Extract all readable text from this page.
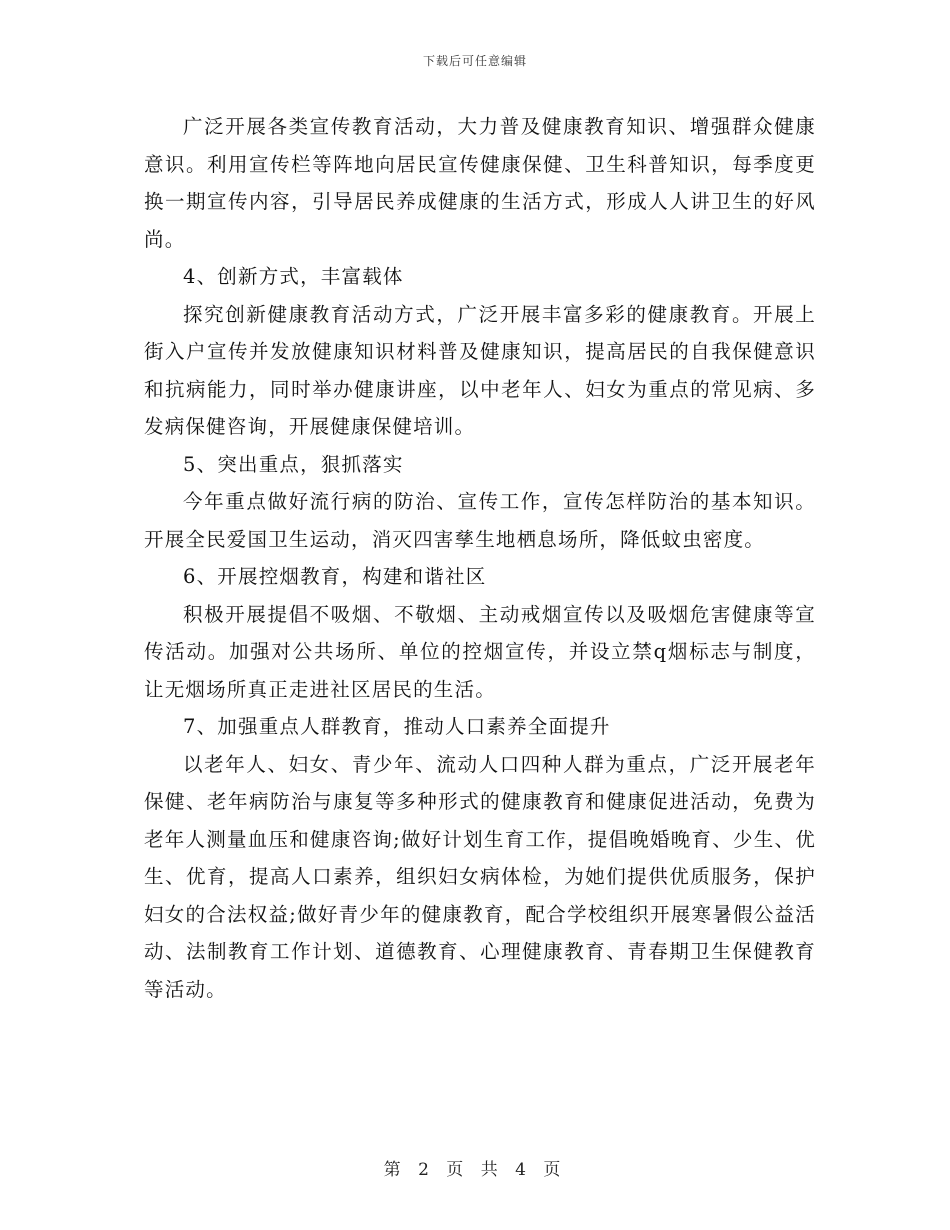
下载后可任意编辑

广泛开展各类宣传教育活动，大力普及健康教育知识、增强群众健康意识。利用宣传栏等阵地向居民宣传健康保健、卫生科普知识，每季度更换一期宣传内容，引导居民养成健康的生活方式，形成人人讲卫生的好风尚。

4、创新方式，丰富载体

探究创新健康教育活动方式，广泛开展丰富多彩的健康教育。开展上街入户宣传并发放健康知识材料普及健康知识，提高居民的自我保健意识和抗病能力，同时举办健康讲座，以中老年人、妇女为重点的常见病、多发病保健咨询，开展健康保健培训。

5、突出重点，狠抓落实

今年重点做好流行病的防治、宣传工作，宣传怎样防治的基本知识。开展全民爱国卫生运动，消灭四害孳生地栖息场所，降低蚊虫密度。

6、开展控烟教育，构建和谐社区

积极开展提倡不吸烟、不敬烟、主动戒烟宣传以及吸烟危害健康等宣传活动。加强对公共场所、单位的控烟宣传，并设立禁q烟标志与制度，让无烟场所真正走进社区居民的生活。

7、加强重点人群教育，推动人口素养全面提升

以老年人、妇女、青少年、流动人口四种人群为重点，广泛开展老年保健、老年病防治与康复等多种形式的健康教育和健康促进活动，免费为老年人测量血压和健康咨询;做好计划生育工作，提倡晚婚晚育、少生、优生、优育，提高人口素养，组织妇女病体检，为她们提供优质服务，保护妇女的合法权益;做好青少年的健康教育，配合学校组织开展寒暑假公益活动、法制教育工作计划、道德教育、心理健康教育、青春期卫生保健教育等活动。

第 2 页 共 4 页
